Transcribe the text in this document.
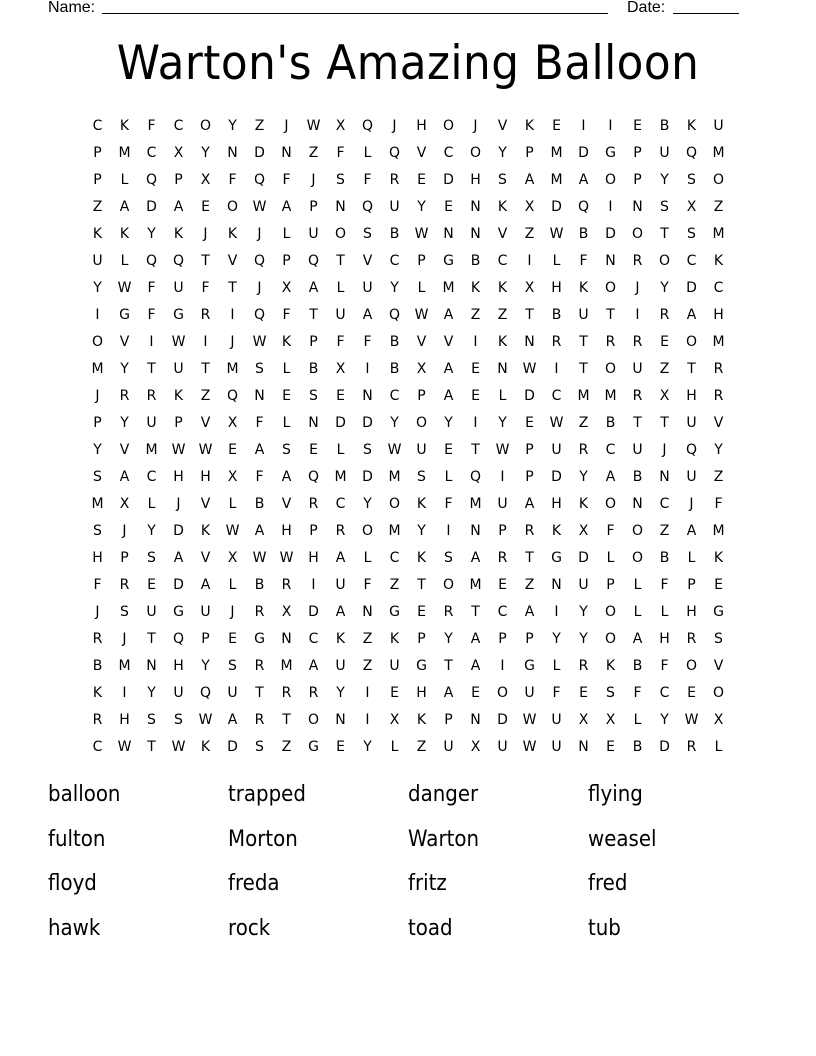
Name:	Date:
Warton's Amazing Balloon
C	K	F	C	O	Y	Z	J	W	X	Q	J	H	O	J	V	K	E	I	I	E	B	K	U
P	M	C	X	Y	N	D	N	Z	F	L	Q	V	C	O	Y	P	M	D	G	P	U	Q	M
P	L	Q	P	X	F	Q	F	J	S	F	R	E	D	H	S	A	M	A	O	P	Y	S	O
Z	A	D	A	E	O	W	A	P	N	Q	U	Y	E	N	K	X	D	Q	I	N	S	X	Z
K	K	Y	K	J	K	J	L	U	O	S	B	W	N	N	V	Z	W	B	D	O	T	S	M
U	L	Q	Q	T	V	Q	P	Q	T	V	C	P	G	B	C	I	L	F	N	R	O	C	K
Y	W	F	U	F	T	J	X	A	L	U	Y	L	M	K	K	X	H	K	O	J	Y	D	C
I	G	F	G	R	I	Q	F	T	U	A	Q	W	A	Z	Z	T	B	U	T	I	R	A	H
O	V	I	W	I	J	W	K	P	F	F	B	V	V	I	K	N	R	T	R	R	E	O	M
M	Y	T	U	T	M	S	L	B	X	I	B	X	A	E	N	W	I	T	O	U	Z	T	R
J	R	R	K	Z	Q	N	E	S	E	N	C	P	A	E	L	D	C	M	M	R	X	H	R
P	Y	U	P	V	X	F	L	N	D	D	Y	O	Y	I	Y	E	W	Z	B	T	T	U	V
Y	V	M	W W	E	A	S	E	L	S	W	U	E	T	W	P	U	R	C	U	J	Q	Y
S	A	C	H	H	X	F	A	Q	M	D	M	S	L	Q	I	P	D	Y	A	B	N	U	Z
M	X	L	J	V	L	B	V	R	C	Y	O	K	F	M	U	A	H	K	O	N	C	J	F
S	J	Y	D	K	W	A	H	P	R	O	M	Y	I	N	P	R	K	X	F	O	Z	A	M
H	P	S	A	V	X	W W	H	A	L	C	K	S	A	R	T	G	D	L	O	B	L	K
F	R	E	D	A	L	B	R	I	U	F	Z	T	O	M	E	Z	N	U	P	L	F	P	E
J	S	U	G	U	J	R	X	D	A	N	G	E	R	T	C	A	I	Y	O	L	L	H	G
R	J	T	Q	P	E	G	N	C	K	Z	K	P	Y	A	P	P	Y	Y	O	A	H	R	S
B	M	N	H	Y	S	R	M	A	U	Z	U	G	T	A	I	G	L	R	K	B	F	O	V
K	I	Y	U	Q	U	T	R	R	Y	I	E	H	A	E	O	U	F	E	S	F	C	E	O
R	H	S	S	W	A	R	T	O	N	I	X	K	P	N	D	W	U	X	X	L	Y	W	X
C	W	T	W	K	D	S	Z	G	E	Y	L	Z	U	X	U	W	U	N	E	B	D	R	L
balloon	trapped	danger	flying
fulton	Morton	Warton	weasel
floyd	freda	fritz	fred
hawk	rock	toad	tub
